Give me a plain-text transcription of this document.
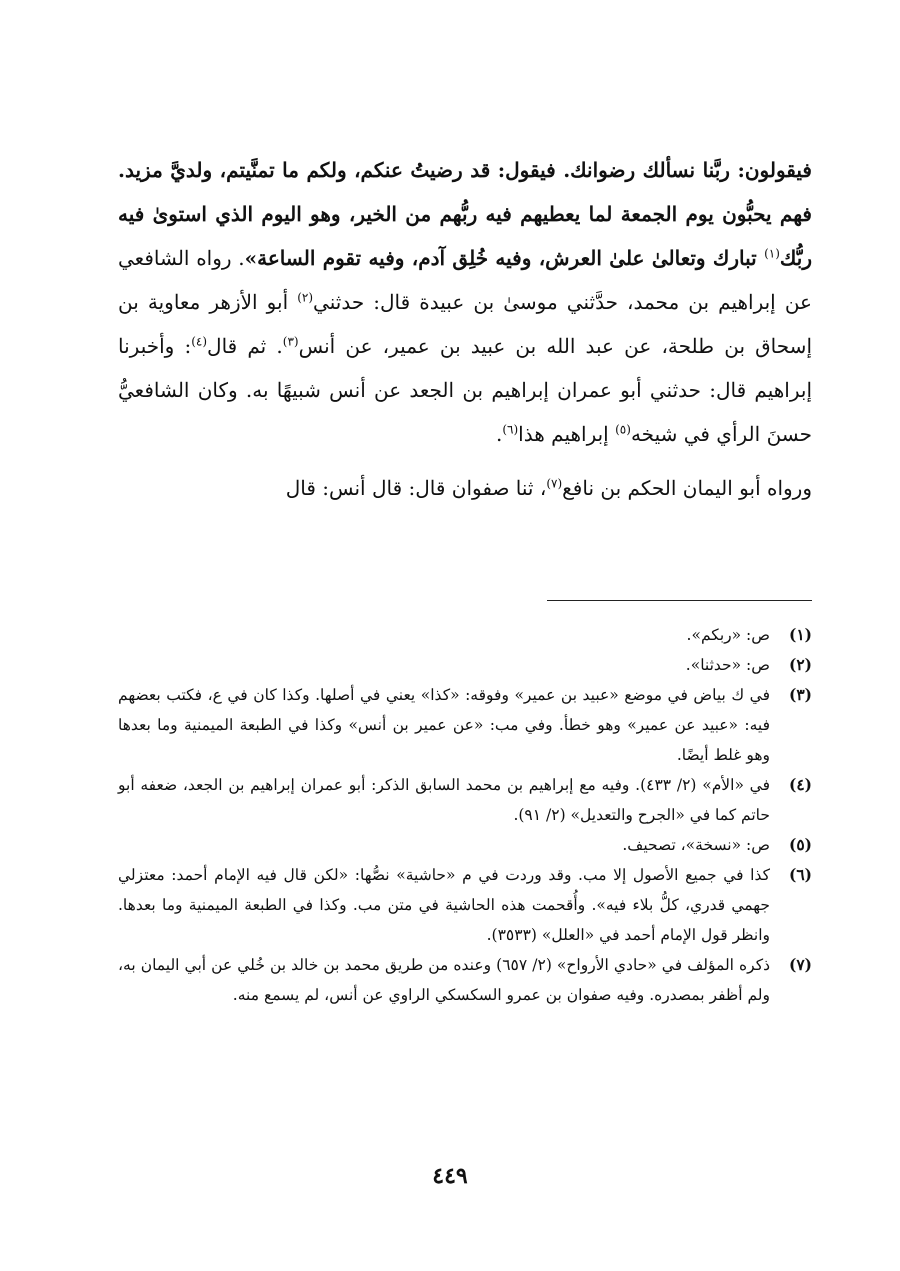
فيقولون: ربَّنا نسألك رضوانك. فيقول: قد رضيتُ عنكم، ولكم ما تمنَّيتم، ولديَّ مزيد. فهم يحبُّون يوم الجمعة لما يعطيهم فيه ربُّهم من الخير، وهو اليوم الذي استوىٰ فيه ربُّك$^{(١)}$ تبارك وتعالىٰ علىٰ العرش، وفيه خُلِق آدم، وفيه تقوم الساعة». رواه الشافعي عن إبراهيم بن محمد، حدَّثني موسىٰ بن عبيدة قال: حدثني$^{(٢)}$ أبو الأزهر معاوية بن إسحاق بن طلحة، عن عبد الله بن عبيد بن عمير، عن أنس$^{(٣)}$. ثم قال$^{(٤)}$: وأخبرنا إبراهيم قال: حدثني أبو عمران إبراهيم بن الجعد عن أنس شبيهًا به. وكان الشافعيُّ حسنَ الرأي في شيخه$^{(٥)}$ إبراهيم هذا$^{(٦)}$.

ورواه أبو اليمان الحكم بن نافع$^{(٧)}$، ثنا صفوان قال: قال أنس: قال

(١)
ص: «ربكم».
(٢)
ص: «حدثنا».
(٣)
في ك بياض في موضع «عبيد بن عمير» وفوقه: «كذا» يعني في أصلها. وكذا كان في ع، فكتب بعضهم فيه: «عبيد عن عمير» وهو خطأ. وفي مب: «عن عمير بن أنس» وكذا في الطبعة الميمنية وما بعدها وهو غلط أيضًا.
(٤)
في «الأم» (٢/ ٤٣٣). وفيه مع إبراهيم بن محمد السابق الذكر: أبو عمران إبراهيم بن الجعد، ضعفه أبو حاتم كما في «الجرح والتعديل» (٢/ ٩١).
(٥)
ص: «نسخة»، تصحيف.
(٦)
كذا في جميع الأصول إلا مب. وقد وردت في م «حاشية» نصُّها: «لكن قال فيه الإمام أحمد: معتزلي جهمي قدري، كلُّ بلاء فيه». وأُقحمت هذه الحاشية في متن مب. وكذا في الطبعة الميمنية وما بعدها. وانظر قول الإمام أحمد في «العلل» (٣٥٣٣).
(٧)
ذكره المؤلف في «حادي الأرواح» (٢/ ٦٥٧) وعنده من طريق محمد بن خالد بن خُلي عن أبي اليمان به، ولم أظفر بمصدره. وفيه صفوان بن عمرو السكسكي الراوي عن أنس، لم يسمع منه.
٤٤٩
